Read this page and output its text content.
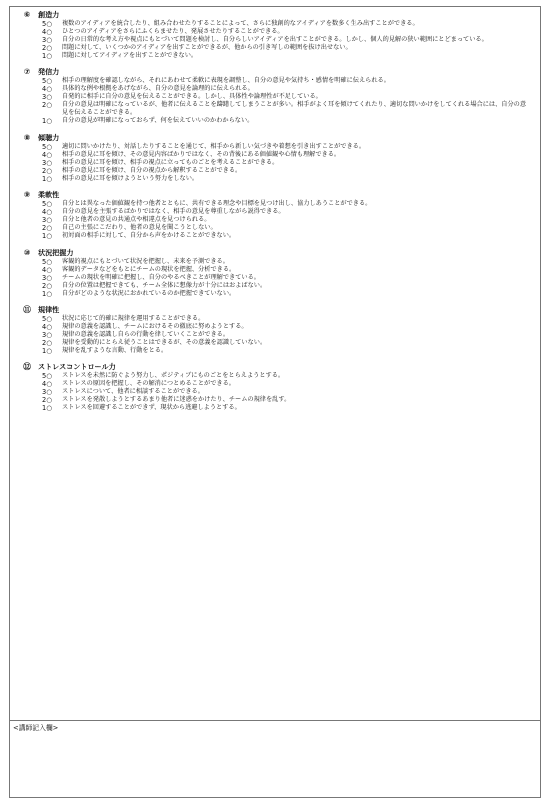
⑥ 創造力
5○	複数のアイディアを統合したり、組み合わせたりすることによって、さらに独創的なアイディアを数多く生み出すことができる。
4○	ひとつのアイディアをさらにふくらませたり、発展させたりすることができる。
3○	自分の日常的な考え方や視点にもとづいて問題を検討し、自分らしいアイディアを出すことができる。しかし、個人的見解の狭い範囲にとどまっている。
2○	問題に対して、いくつかのアイディアを出すことができるが、他からの引き写しの範囲を抜け出せない。
1○	問題に対してアイディアを出すことができない。
⑦ 発信力
5○	相手の理解度を確認しながら、それにあわせて柔軟に表現を調整し、自分の意見や気持ち・感情を明確に伝えられる。
4○	具体的な例や根拠をあげながら、自分の意見を論理的に伝えられる。
3○	自発的に相手に自分の意見を伝えることができる。しかし、具体性や論理性が不足している。
2○	自分の意見は明確になっているが、他者に伝えることを躊躇してしまうことが多い。相手がよく耳を傾けてくれたり、適切な問いかけをしてくれる場合には、自分の意見を伝えることができる。
1○	自分の意見が明確になっておらず、何を伝えていいのかわからない。
⑧ 傾聴力
5○	適切に問いかけたり、対話したりすることを通じて、相手から新しい気づきや着想を引き出すことができる。
4○	相手の意見に耳を傾け、その意見内容ばかりではなく、その背後にある価値観や心情も理解できる。
3○	相手の意見に耳を傾け、相手の視点に立ってものごとを考えることができる。
2○	相手の意見に耳を傾け、自分の視点から解釈することができる。
1○	相手の意見に耳を傾けようという努力をしない。
⑨ 柔軟性
5○	自分とは異なった価値観を持つ他者とともに、共有できる理念や目標を見つけ出し、協力しあうことができる。
4○	自分の意見を主張するばかりではなく、相手の意見を尊重しながら説得できる。
3○	自分と他者の意見の共通点や相違点を見つけられる。
2○	自己の主張にこだわり、他者の意見を聞こうとしない。
1○	初対面の相手に対して、自分から声をかけることができない。
⑩ 状況把握力
5○	客観的視点にもとづいて状況を把握し、未来を予測できる。
4○	客観的データなどをもとにチームの現状を把握、分析できる。
3○	チームの現状を明確に把握し、自分のやるべきことが理解できている。
2○	自分の位置は把握できても、チーム全体に想像力が十分にはおよばない。
1○	自分がどのような状況におかれているのか把握できていない。
⑪ 規律性
5○	状況に応じて的確に規律を運用することができる。
4○	規律の意義を認識し、チームにおけるその徹底に努めようとする。
3○	規律の意義を認識し自らの行動を律していくことができる。
2○	規律を受動的にとらえ従うことはできるが、その意義を認識していない。
1○	規律を乱すような言動、行動をとる。
⑫ ストレスコントロール力
5○	ストレスを未然に防ぐよう努力し、ポジティブにものごとをとらえようとする。
4○	ストレスの原因を把握し、その解消につとめることができる。
3○	ストレスについて、他者に相談することができる。
2○	ストレスを発散しようとするあまり他者に迷惑をかけたり、チームの規律を乱す。
1○	ストレスを回避することができず、現状から逃避しようとする。
<講師記入欄>
